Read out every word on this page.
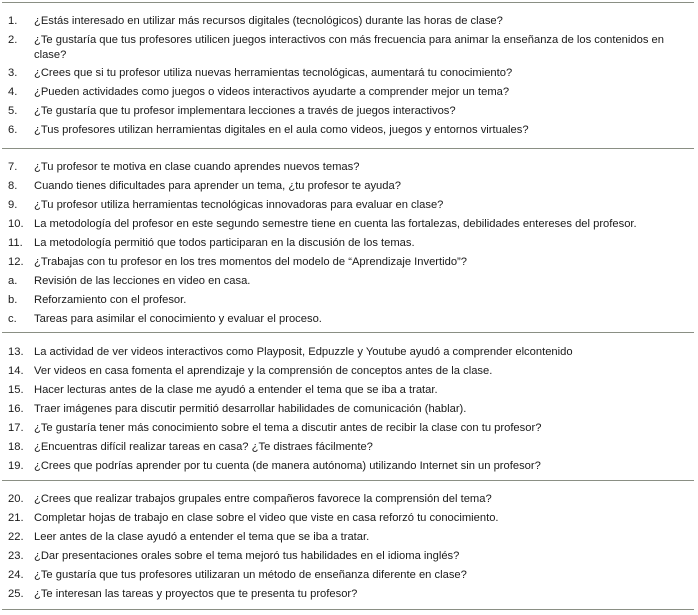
1.	¿Estás interesado en utilizar más recursos digitales (tecnológicos) durante las horas de clase?
2.	¿Te gustaría que tus profesores utilicen juegos interactivos con más frecuencia para animar la enseñanza de los contenidos en clase?
3.	¿Crees que si tu profesor utiliza nuevas herramientas tecnológicas, aumentará tu conocimiento?
4.	¿Pueden actividades como juegos o videos interactivos ayudarte a comprender mejor un tema?
5.	¿Te gustaría que tu profesor implementara lecciones a través de juegos interactivos?
6.	¿Tus profesores utilizan herramientas digitales en el aula como videos, juegos y entornos virtuales?
7.	¿Tu profesor te motiva en clase cuando aprendes nuevos temas?
8.	Cuando tienes dificultades para aprender un tema, ¿tu profesor te ayuda?
9.	¿Tu profesor utiliza herramientas tecnológicas innovadoras para evaluar en clase?
10. La metodología del profesor en este segundo semestre tiene en cuenta las fortalezas, debilidades entereses del profesor.
11.	La metodología permitió que todos participaran en la discusión de los temas.
12. ¿Trabajas con tu profesor en los tres momentos del modelo de “Aprendizaje Invertido”?
a.	Revisión de las lecciones en video en casa.
b.	Reforzamiento con el profesor.
c.	Tareas para asimilar el conocimiento y evaluar el proceso.
13. La actividad de ver videos interactivos como Playposit, Edpuzzle y Youtube ayudó a comprender elcontenido
14. Ver videos en casa fomenta el aprendizaje y la comprensión de conceptos antes de la clase.
15. Hacer lecturas antes de la clase me ayudó a entender el tema que se iba a tratar.
16. Traer imágenes para discutir permitió desarrollar habilidades de comunicación (hablar).
17. ¿Te gustaría tener más conocimiento sobre el tema a discutir antes de recibir la clase con tu profesor?
18. ¿Encuentras difícil realizar tareas en casa? ¿Te distraes fácilmente?
19. ¿Crees que podrías aprender por tu cuenta (de manera autónoma) utilizando Internet sin un profesor?
20. ¿Crees que realizar trabajos grupales entre compañeros favorece la comprensión del tema?
21. Completar hojas de trabajo en clase sobre el video que viste en casa reforzó tu conocimiento.
22. Leer antes de la clase ayudó a entender el tema que se iba a tratar.
23. ¿Dar presentaciones orales sobre el tema mejoró tus habilidades en el idioma inglés?
24. ¿Te gustaría que tus profesores utilizaran un método de enseñanza diferente en clase?
25. ¿Te interesan las tareas y proyectos que te presenta tu profesor?
